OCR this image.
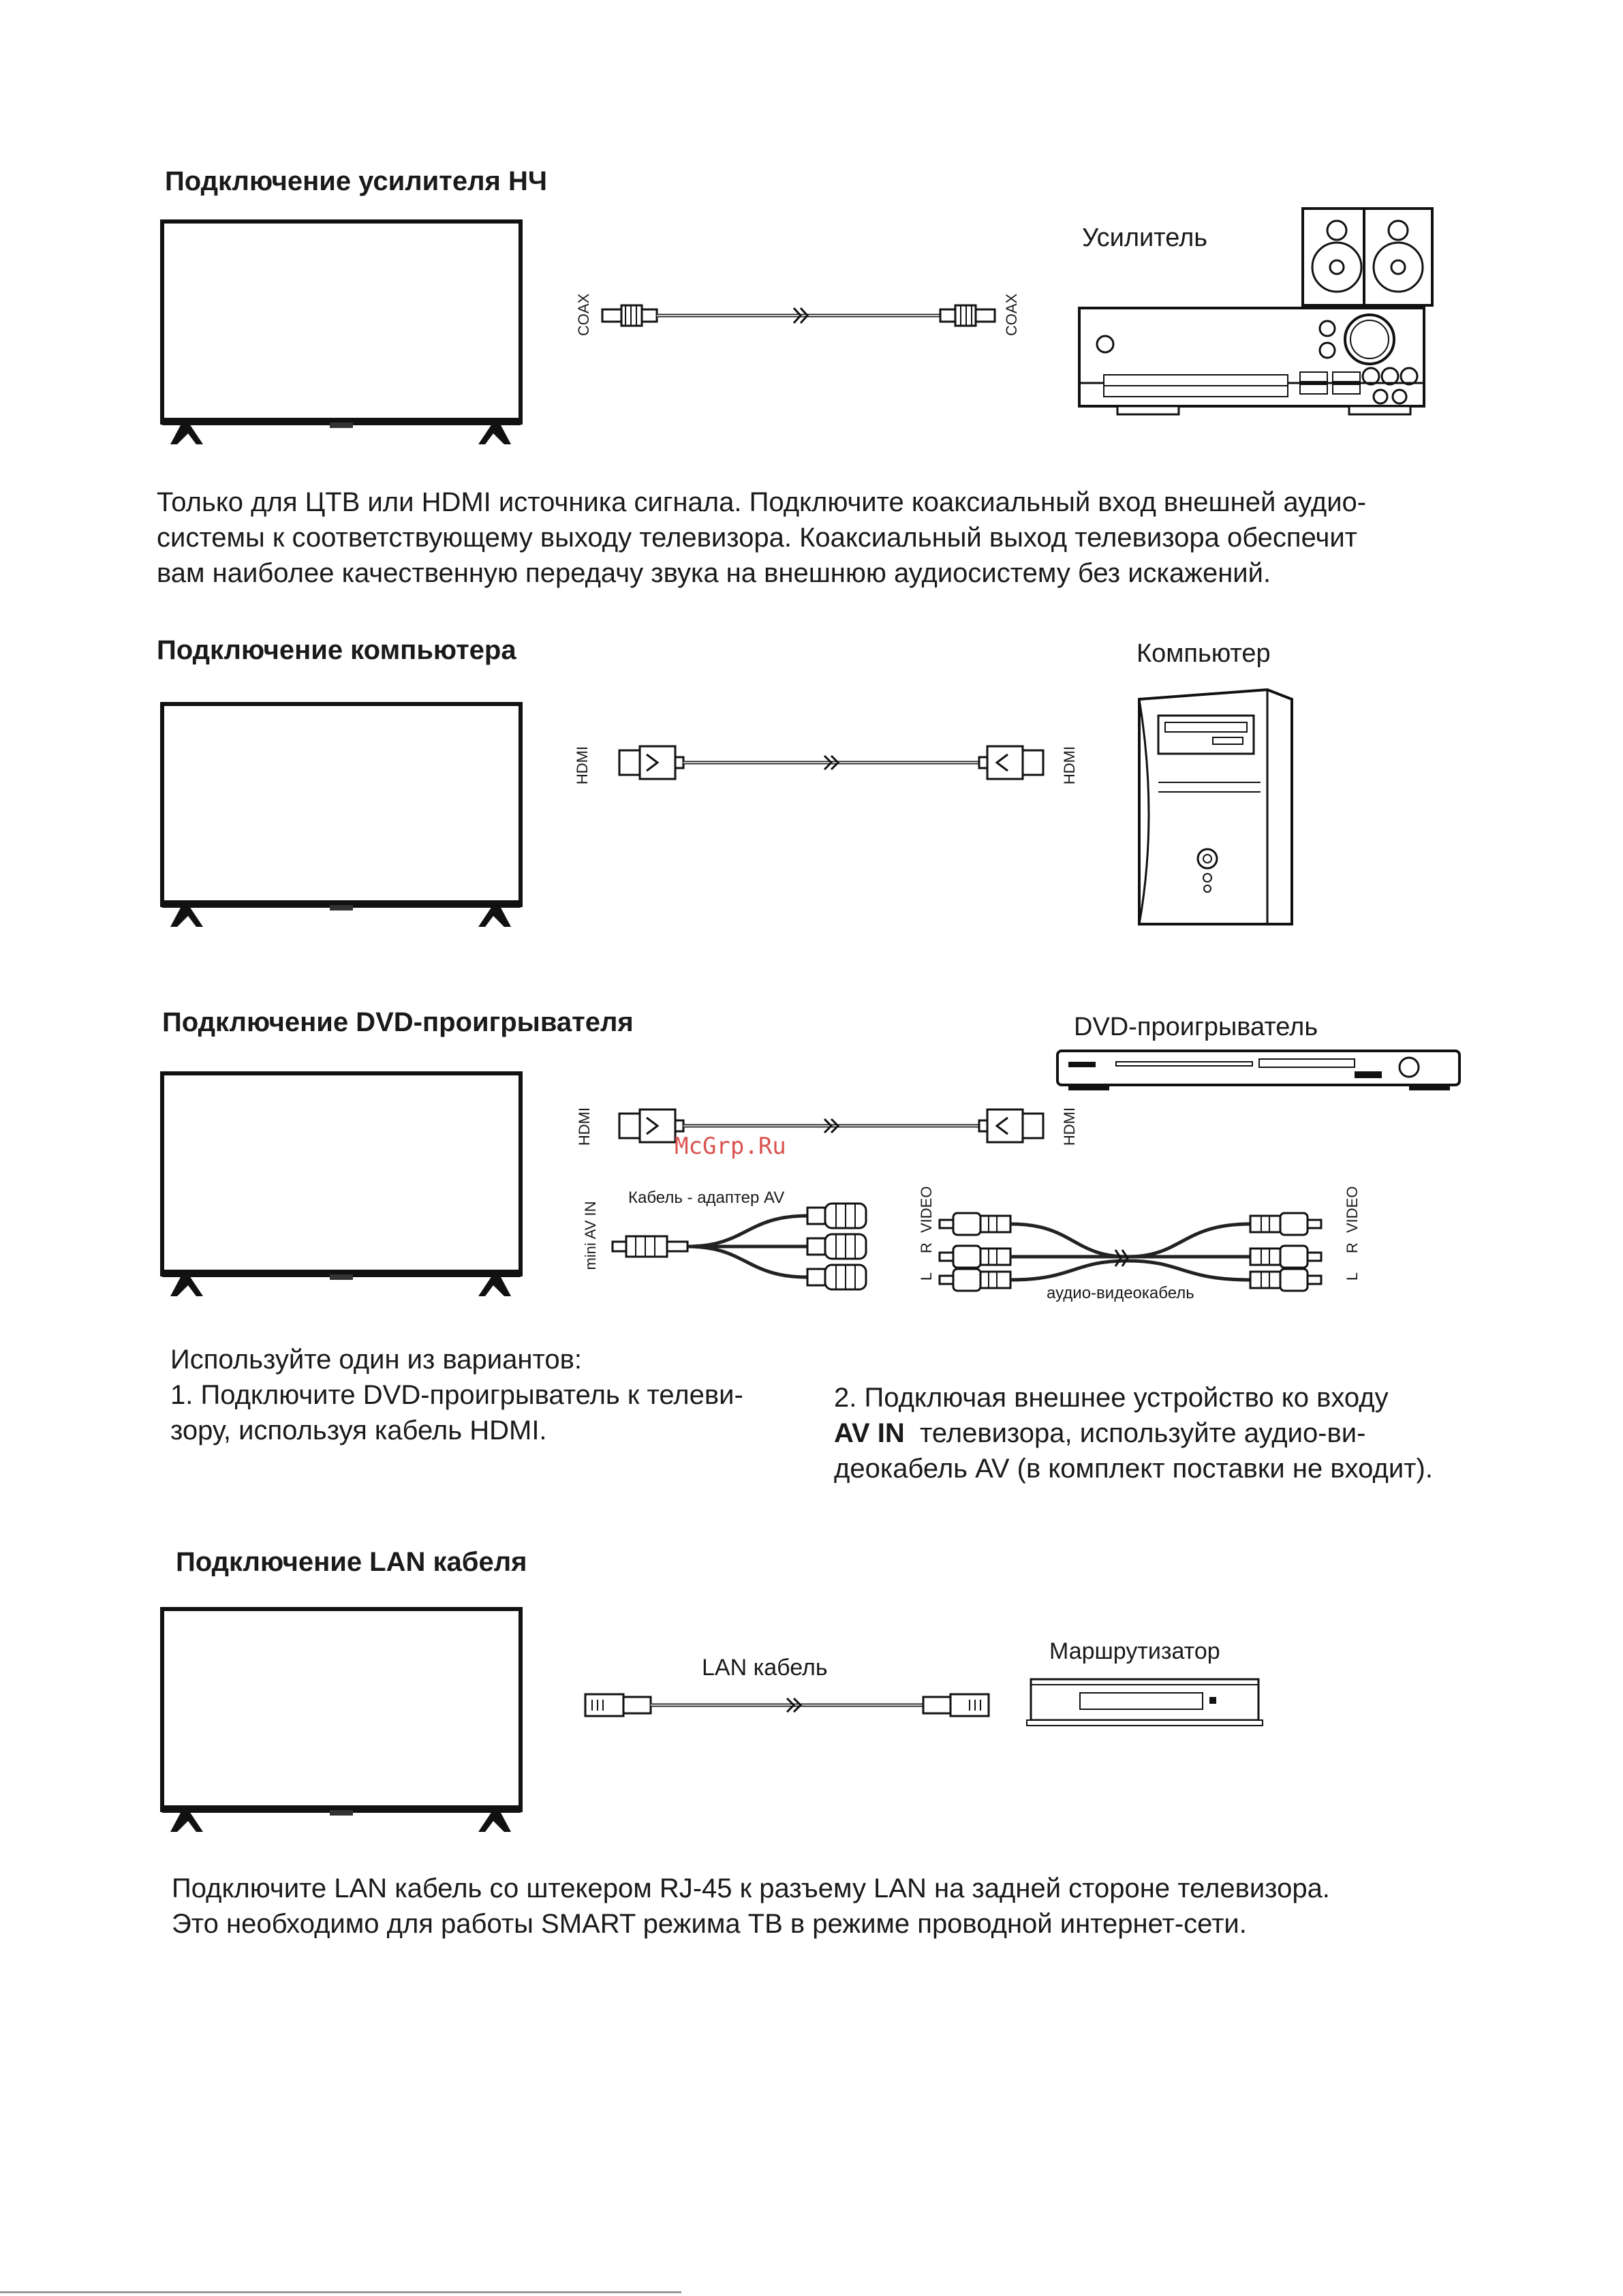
Подключение усилителя НЧ
COAX	COAX
Усилитель
Только для ЦТВ или HDMI источника сигнала. Подключите коаксиальный вход внешней аудио-
системы к соответствующему выходу телевизора. Коаксиальный выход телевизора обеспечит
вам наиболее качественную передачу звука на внешнюю аудиосистему без искажений.
Подключение компьютера	Компьютер
HDMI	HDMI
Подключение DVD-проигрывателя	DVD-проигрыватель
HDMI	HDMI
McGrp.Ru
Кабель - адаптер AV
mini AV IN
L
R
VIDEO
аудио-видеокабель
L
R
VIDEO
Используйте один из вариантов:
1. Подключите DVD-проигрыватель к телеви-
зору, используя кабель HDMI.
2. Подключая внешнее устройство ко входу
AV IN  телевизора, используйте аудио-ви-
деокабель AV (в комплект поставки не входит).
Подключение LAN кабеля
LAN кабель
Маршрутизатор
Подключите LAN кабель со штекером RJ-45 к разъему LAN на задней стороне телевизора.
Это необходимо для работы SMART режима ТВ в режиме проводной интернет-сети.
